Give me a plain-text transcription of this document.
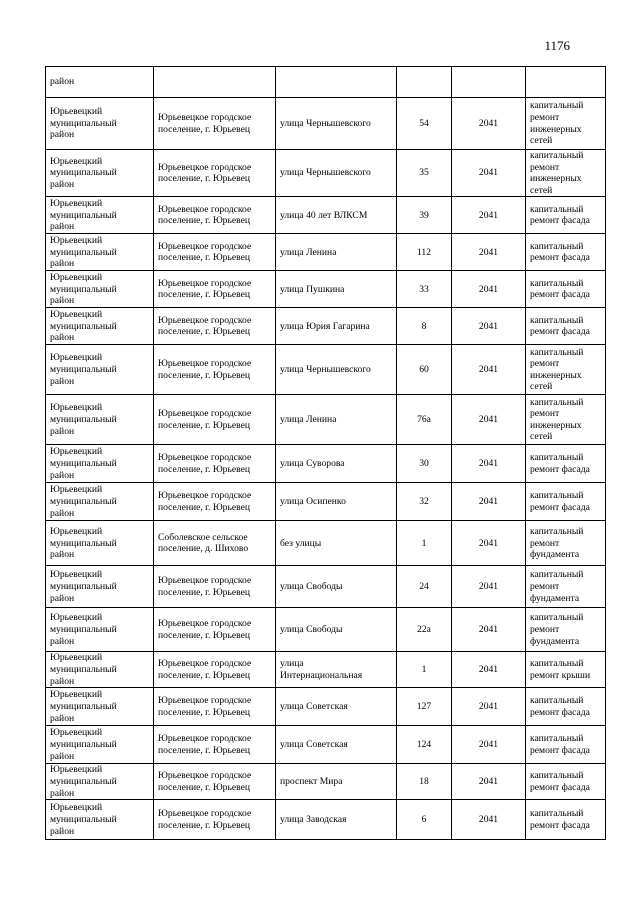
1176
район					

Юрьевецкий
муниципальный
район	Юрьевецкое городское
поселение, г. Юрьевец	улица Чернышевского	54	2041	капитальный
ремонт
инженерных
сетей

Юрьевецкий
муниципальный
район	Юрьевецкое городское
поселение, г. Юрьевец	улица Чернышевского	35	2041	капитальный
ремонт
инженерных
сетей

Юрьевецкий
муниципальный
район	Юрьевецкое городское
поселение, г. Юрьевец	улица 40 лет ВЛКСМ	39	2041	капитальный
ремонт фасада

Юрьевецкий
муниципальный
район	Юрьевецкое городское
поселение, г. Юрьевец	улица Ленина	112	2041	капитальный
ремонт фасада

Юрьевецкий
муниципальный
район	Юрьевецкое городское
поселение, г. Юрьевец	улица Пушкина	33	2041	капитальный
ремонт фасада

Юрьевецкий
муниципальный
район	Юрьевецкое городское
поселение, г. Юрьевец	улица Юрия Гагарина	8	2041	капитальный
ремонт фасада

Юрьевецкий
муниципальный
район	Юрьевецкое городское
поселение, г. Юрьевец	улица Чернышевского	60	2041	капитальный
ремонт
инженерных
сетей

Юрьевецкий
муниципальный
район	Юрьевецкое городское
поселение, г. Юрьевец	улица Ленина	76а	2041	капитальный
ремонт
инженерных
сетей

Юрьевецкий
муниципальный
район	Юрьевецкое городское
поселение, г. Юрьевец	улица Суворова	30	2041	капитальный
ремонт фасада

Юрьевецкий
муниципальный
район	Юрьевецкое городское
поселение, г. Юрьевец	улица Осипенко	32	2041	капитальный
ремонт фасада

Юрьевецкий
муниципальный
район	Соболевское сельское
поселение, д. Шихово	без улицы	1	2041	капитальный
ремонт
фундамента

Юрьевецкий
муниципальный
район	Юрьевецкое городское
поселение, г. Юрьевец	улица Свободы	24	2041	капитальный
ремонт
фундамента

Юрьевецкий
муниципальный
район	Юрьевецкое городское
поселение, г. Юрьевец	улица Свободы	22а	2041	капитальный
ремонт
фундамента

Юрьевецкий
муниципальный
район	Юрьевецкое городское
поселение, г. Юрьевец	улица
Интернациональная	1	2041	капитальный
ремонт крыши

Юрьевецкий
муниципальный
район	Юрьевецкое городское
поселение, г. Юрьевец	улица Советская	127	2041	капитальный
ремонт фасада

Юрьевецкий
муниципальный
район	Юрьевецкое городское
поселение, г. Юрьевец	улица Советская	124	2041	капитальный
ремонт фасада

Юрьевецкий
муниципальный
район	Юрьевецкое городское
поселение, г. Юрьевец	проспект Мира	18	2041	капитальный
ремонт фасада

Юрьевецкий
муниципальный
район	Юрьевецкое городское
поселение, г. Юрьевец	улица Заводская	6	2041	капитальный
ремонт фасада
